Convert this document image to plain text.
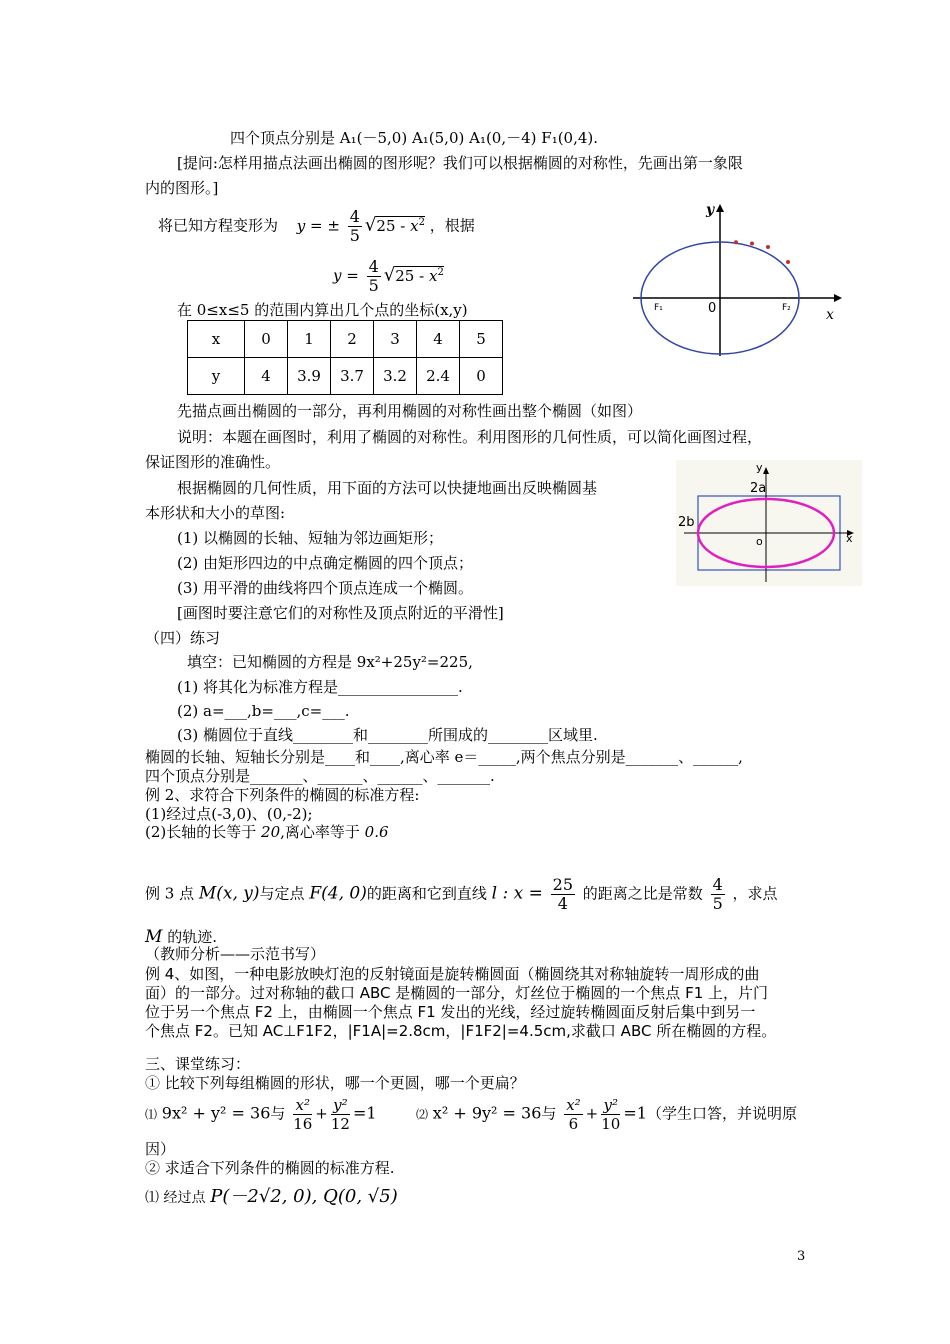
四个顶点分别是 A₁(－5,0) A₁(5,0) A₁(0,－4) F₁(0,4).
[提问:怎样用描点法画出椭圆的图形呢？我们可以根据椭圆的对称性，先画出第一象限
内的图形。]
将已知方程变形为 y = ± $\frac{4}{5} √25 - x^2$ ，根据
$y = \frac{4}{5} √25 - x^2$
在 0≤x≤5 的范围内算出几个点的坐标(x,y)
x	0	1	2	3	4	5
y	4	3.9	3.7	3.2	2.4	0
y
x
0
F₁	F₂
先描点画出椭圆的一部分，再利用椭圆的对称性画出整个椭圆（如图）
说明：本题在画图时，利用了椭圆的对称性。利用图形的几何性质，可以简化画图过程，
保证图形的准确性。
根据椭圆的几何性质，用下面的方法可以快捷地画出反映椭圆基
本形状和大小的草图:
(1) 以椭圆的长轴、短轴为邻边画矩形；
(2) 由矩形四边的中点确定椭圆的四个顶点；
(3) 用平滑的曲线将四个顶点连成一个椭圆。
y
x
o
2a
2b
[画图时要注意它们的对称性及顶点附近的平滑性]
（四）练习
填空：已知椭圆的方程是 9x²+25y²=225,
(1) 将其化为标准方程是________________.
(2) a=___,b=___,c=___.
(3) 椭圆位于直线________和________所围成的________区域里.
椭圆的长轴、短轴长分别是____和____,离心率 e＝_____,两个焦点分别是_______、______,
四个顶点分别是_______、______、______、_______.
例 2、求符合下列条件的椭圆的标准方程:
(1)经过点(-3,0)、(0,-2);
(2)长轴的长等于 20,离心率等于 0.6
例 3 点 M(x, y)与定点 F(4, 0)的距离和它到直线 l : $x = \frac{25}{4}$ 的距离之比是常数 $\frac{4}{5}$ ，求点
M 的轨迹.
（教师分析——示范书写）
例 4、如图，一种电影放映灯泡的反射镜面是旋转椭圆面（椭圆绕其对称轴旋转一周形成的曲
面）的一部分。过对称轴的截口 ABC 是椭圆的一部分，灯丝位于椭圆的一个焦点 F1 上，片门
位于另一个焦点 F2 上，由椭圆一个焦点 F1 发出的光线，经过旋转椭圆面反射后集中到另一
个焦点 F2。已知 AC⊥F1F2，|F1A|=2.8cm，|F1F2|=4.5cm,求截口 ABC 所在椭圆的方程。
三、课堂练习：
① 比较下列每组椭圆的形状，哪一个更圆，哪一个更扁？
⑴ 9x² + y² = 36与 $\frac{\text{x²}}{16} + \frac{\text{y²}}{12} =1$	⑵ x² + 9y² = 36与 $\frac{\text{x²}}{6} + \frac{\text{y²}}{10} =1$（学生口答，并说明原
因）
② 求适合下列条件的椭圆的标准方程.
⑴ 经过点 P(－2√2, 0), Q(0, √5)
3
